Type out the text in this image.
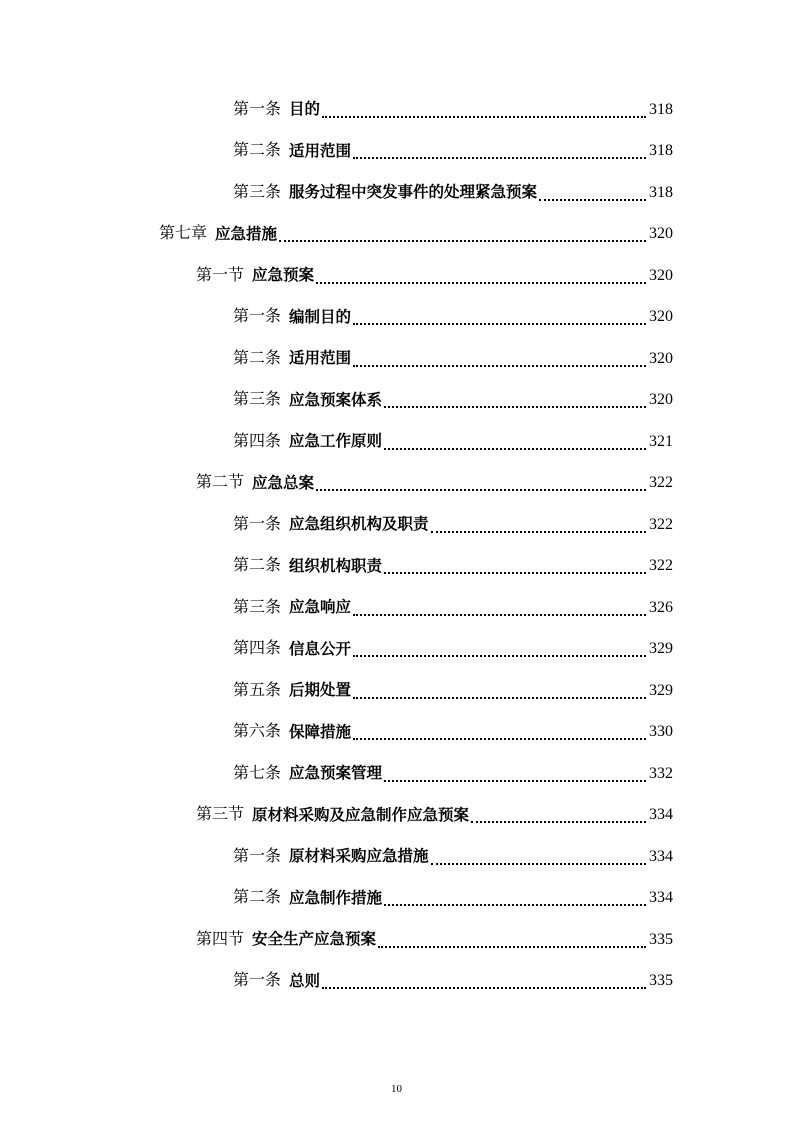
第一条 目的	318
第二条 适用范围	318
第三条 服务过程中突发事件的处理紧急预案	318
第七章 应急措施	320
第一节 应急预案	320
第一条 编制目的	320
第二条 适用范围	320
第三条 应急预案体系	320
第四条 应急工作原则	321
第二节 应急总案	322
第一条 应急组织机构及职责	322
第二条 组织机构职责	322
第三条 应急响应	326
第四条 信息公开	329
第五条 后期处置	329
第六条 保障措施	330
第七条 应急预案管理	332
第三节 原材料采购及应急制作应急预案	334
第一条 原材料采购应急措施	334
第二条 应急制作措施	334
第四节 安全生产应急预案	335
第一条 总则	335
10
